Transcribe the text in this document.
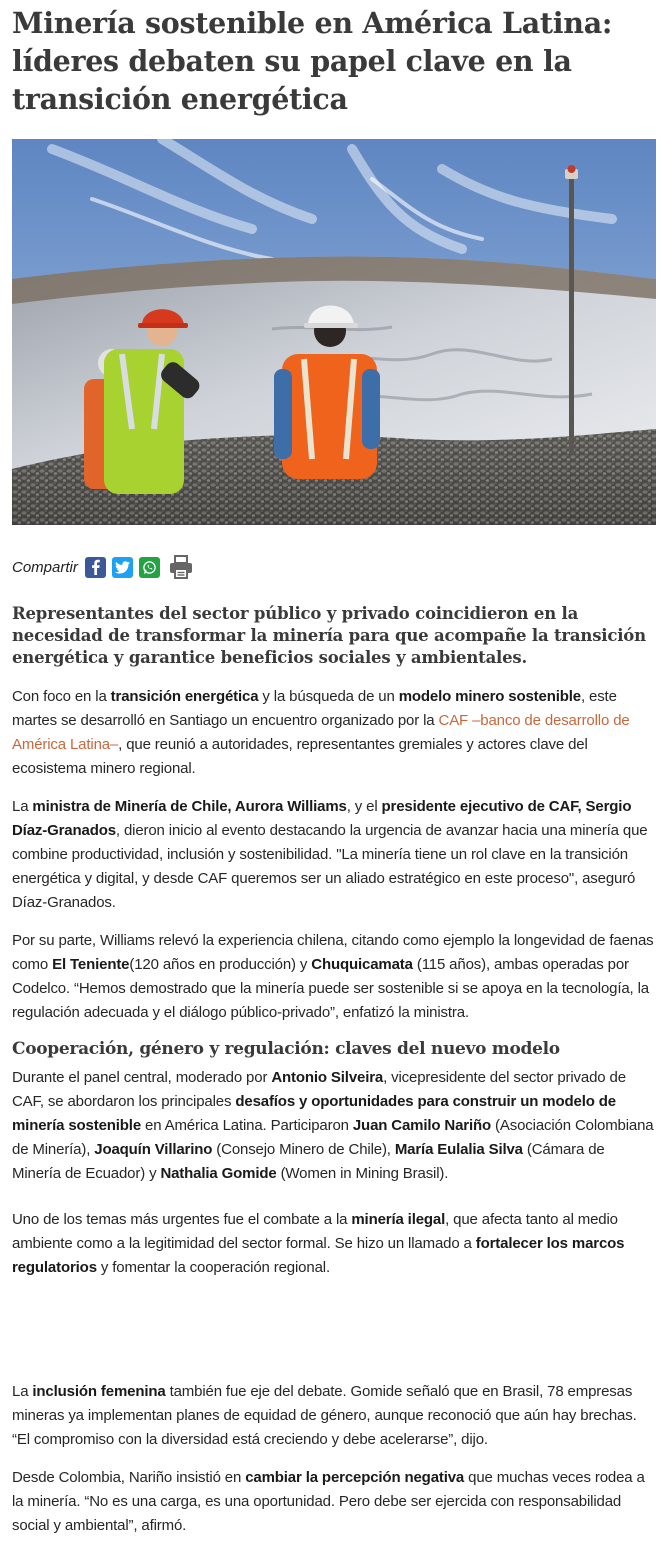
Minería sostenible en América Latina: líderes debaten su papel clave en la transición energética
Compartir
Representantes del sector público y privado coincidieron en la necesidad de transformar la minería para que acompañe la transición energética y garantice beneficios sociales y ambientales.

Con foco en la transición energética y la búsqueda de un modelo minero sostenible, este martes se desarrolló en Santiago un encuentro organizado por la CAF –banco de desarrollo de América Latina–, que reunió a autoridades, representantes gremiales y actores clave del ecosistema minero regional.

La ministra de Minería de Chile, Aurora Williams, y el presidente ejecutivo de CAF, Sergio Díaz-Granados, dieron inicio al evento destacando la urgencia de avanzar hacia una minería que combine productividad, inclusión y sostenibilidad. "La minería tiene un rol clave en la transición energética y digital, y desde CAF queremos ser un aliado estratégico en este proceso", aseguró Díaz-Granados.

Por su parte, Williams relevó la experiencia chilena, citando como ejemplo la longevidad de faenas como El Teniente(120 años en producción) y Chuquicamata (115 años), ambas operadas por Codelco. “Hemos demostrado que la minería puede ser sostenible si se apoya en la tecnología, la regulación adecuada y el diálogo público-privado”, enfatizó la ministra.

Cooperación, género y regulación: claves del nuevo modelo

Durante el panel central, moderado por Antonio Silveira, vicepresidente del sector privado de CAF, se abordaron los principales desafíos y oportunidades para construir un modelo de minería sostenible en América Latina. Participaron Juan Camilo Nariño (Asociación Colombiana de Minería), Joaquín Villarino (Consejo Minero de Chile), María Eulalia Silva (Cámara de Minería de Ecuador) y Nathalia Gomide (Women in Mining Brasil).

Uno de los temas más urgentes fue el combate a la minería ilegal, que afecta tanto al medio ambiente como a la legitimidad del sector formal. Se hizo un llamado a fortalecer los marcos regulatorios y fomentar la cooperación regional.

La inclusión femenina también fue eje del debate. Gomide señaló que en Brasil, 78 empresas mineras ya implementan planes de equidad de género, aunque reconoció que aún hay brechas. “El compromiso con la diversidad está creciendo y debe acelerarse”, dijo.

Desde Colombia, Nariño insistió en cambiar la percepción negativa que muchas veces rodea a la minería. “No es una carga, es una oportunidad. Pero debe ser ejercida con responsabilidad social y ambiental”, afirmó.
